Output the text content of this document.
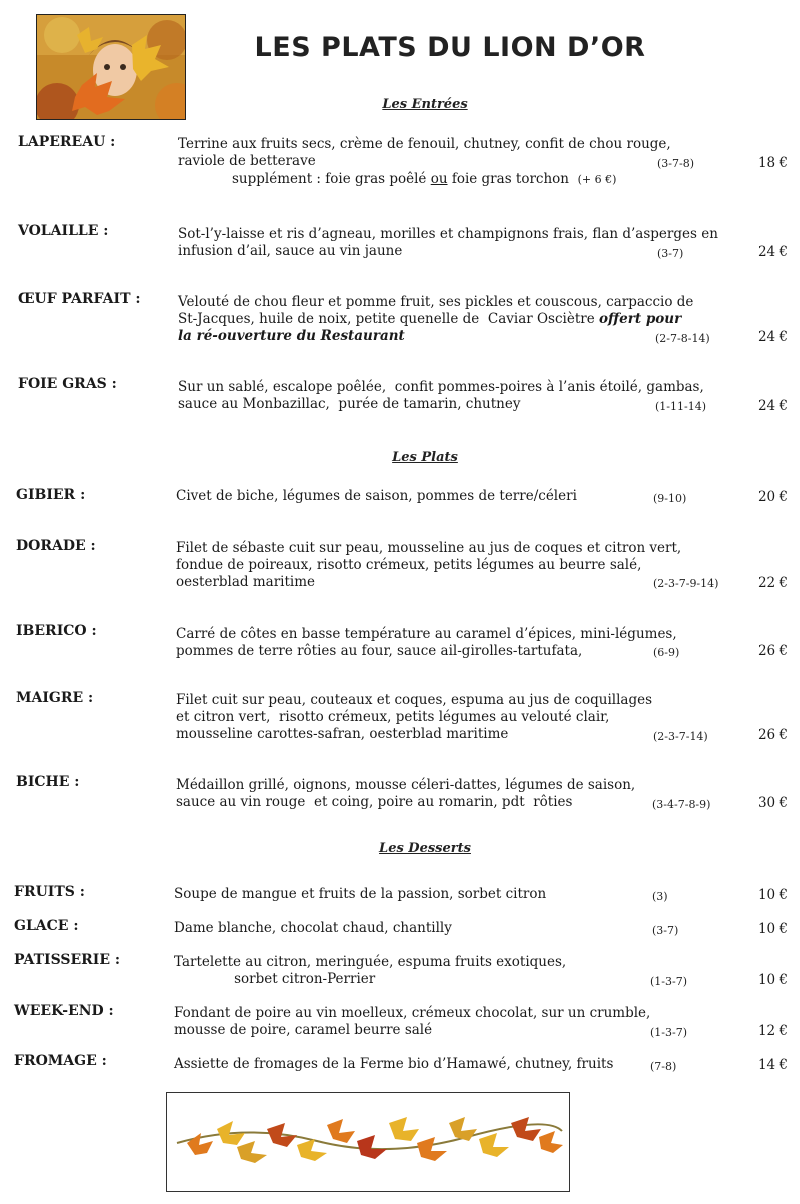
LES PLATS DU LION D’OR
Les Entrées
LAPEREAU :	Terrine aux fruits secs, crème de fenouil, chutney, confit de chou rouge,
raviole de betterave
supplément : foie gras poêlé ou foie gras torchon (+ 6 €)
(3-7-8)	18 €
VOLAILLE :	Sot-l’y-laisse et ris d’agneau, morilles et champignons frais, flan d’asperges en
infusion d’ail, sauce au vin jaune	(3-7)	24 €
ŒUF PARFAIT :	Velouté de chou fleur et pomme fruit, ses pickles et couscous, carpaccio de
St-Jacques, huile de noix, petite quenelle de  Caviar Osciètre offert pour
la ré-ouverture du Restaurant	(2-7-8-14)	24 €
FOIE GRAS :	Sur un sablé, escalope poêlée,  confit pommes-poires à l’anis étoilé, gambas,
sauce au Monbazillac,  purée de tamarin, chutney	(1-11-14)	24 €
Les Plats
GIBIER :	Civet de biche, légumes de saison, pommes de terre/céleri	(9-10)	20 €
DORADE :	Filet de sébaste cuit sur peau, mousseline au jus de coques et citron vert,
fondue de poireaux, risotto crémeux, petits légumes au beurre salé,
oesterblad maritime	(2-3-7-9-14)	22 €
IBERICO :	Carré de côtes en basse température au caramel d’épices, mini-légumes,
pommes de terre rôties au four, sauce ail-girolles-tartufata,	(6-9)	26 €
MAIGRE :	Filet cuit sur peau, couteaux et coques, espuma au jus de coquillages
et citron vert,  risotto crémeux, petits légumes au velouté clair,
mousseline carottes-safran, oesterblad maritime	(2-3-7-14)	26 €
BICHE :	Médaillon grillé, oignons, mousse céleri-dattes, légumes de saison,
sauce au vin rouge  et coing, poire au romarin, pdt  rôties	(3-4-7-8-9)	30 €
Les Desserts
FRUITS :	Soupe de mangue et fruits de la passion, sorbet citron	(3)	10 €
GLACE :	Dame blanche, chocolat chaud, chantilly	(3-7)	10 €
PATISSERIE :	Tartelette au citron, meringuée, espuma fruits exotiques,
sorbet citron-Perrier	(1-3-7)	10 €
WEEK-END :	Fondant de poire au vin moelleux, crémeux chocolat, sur un crumble,
mousse de poire, caramel beurre salé	(1-3-7)	12 €
FROMAGE :	Assiette de fromages de la Ferme bio d’Hamawé, chutney, fruits	(7-8)	14 €
